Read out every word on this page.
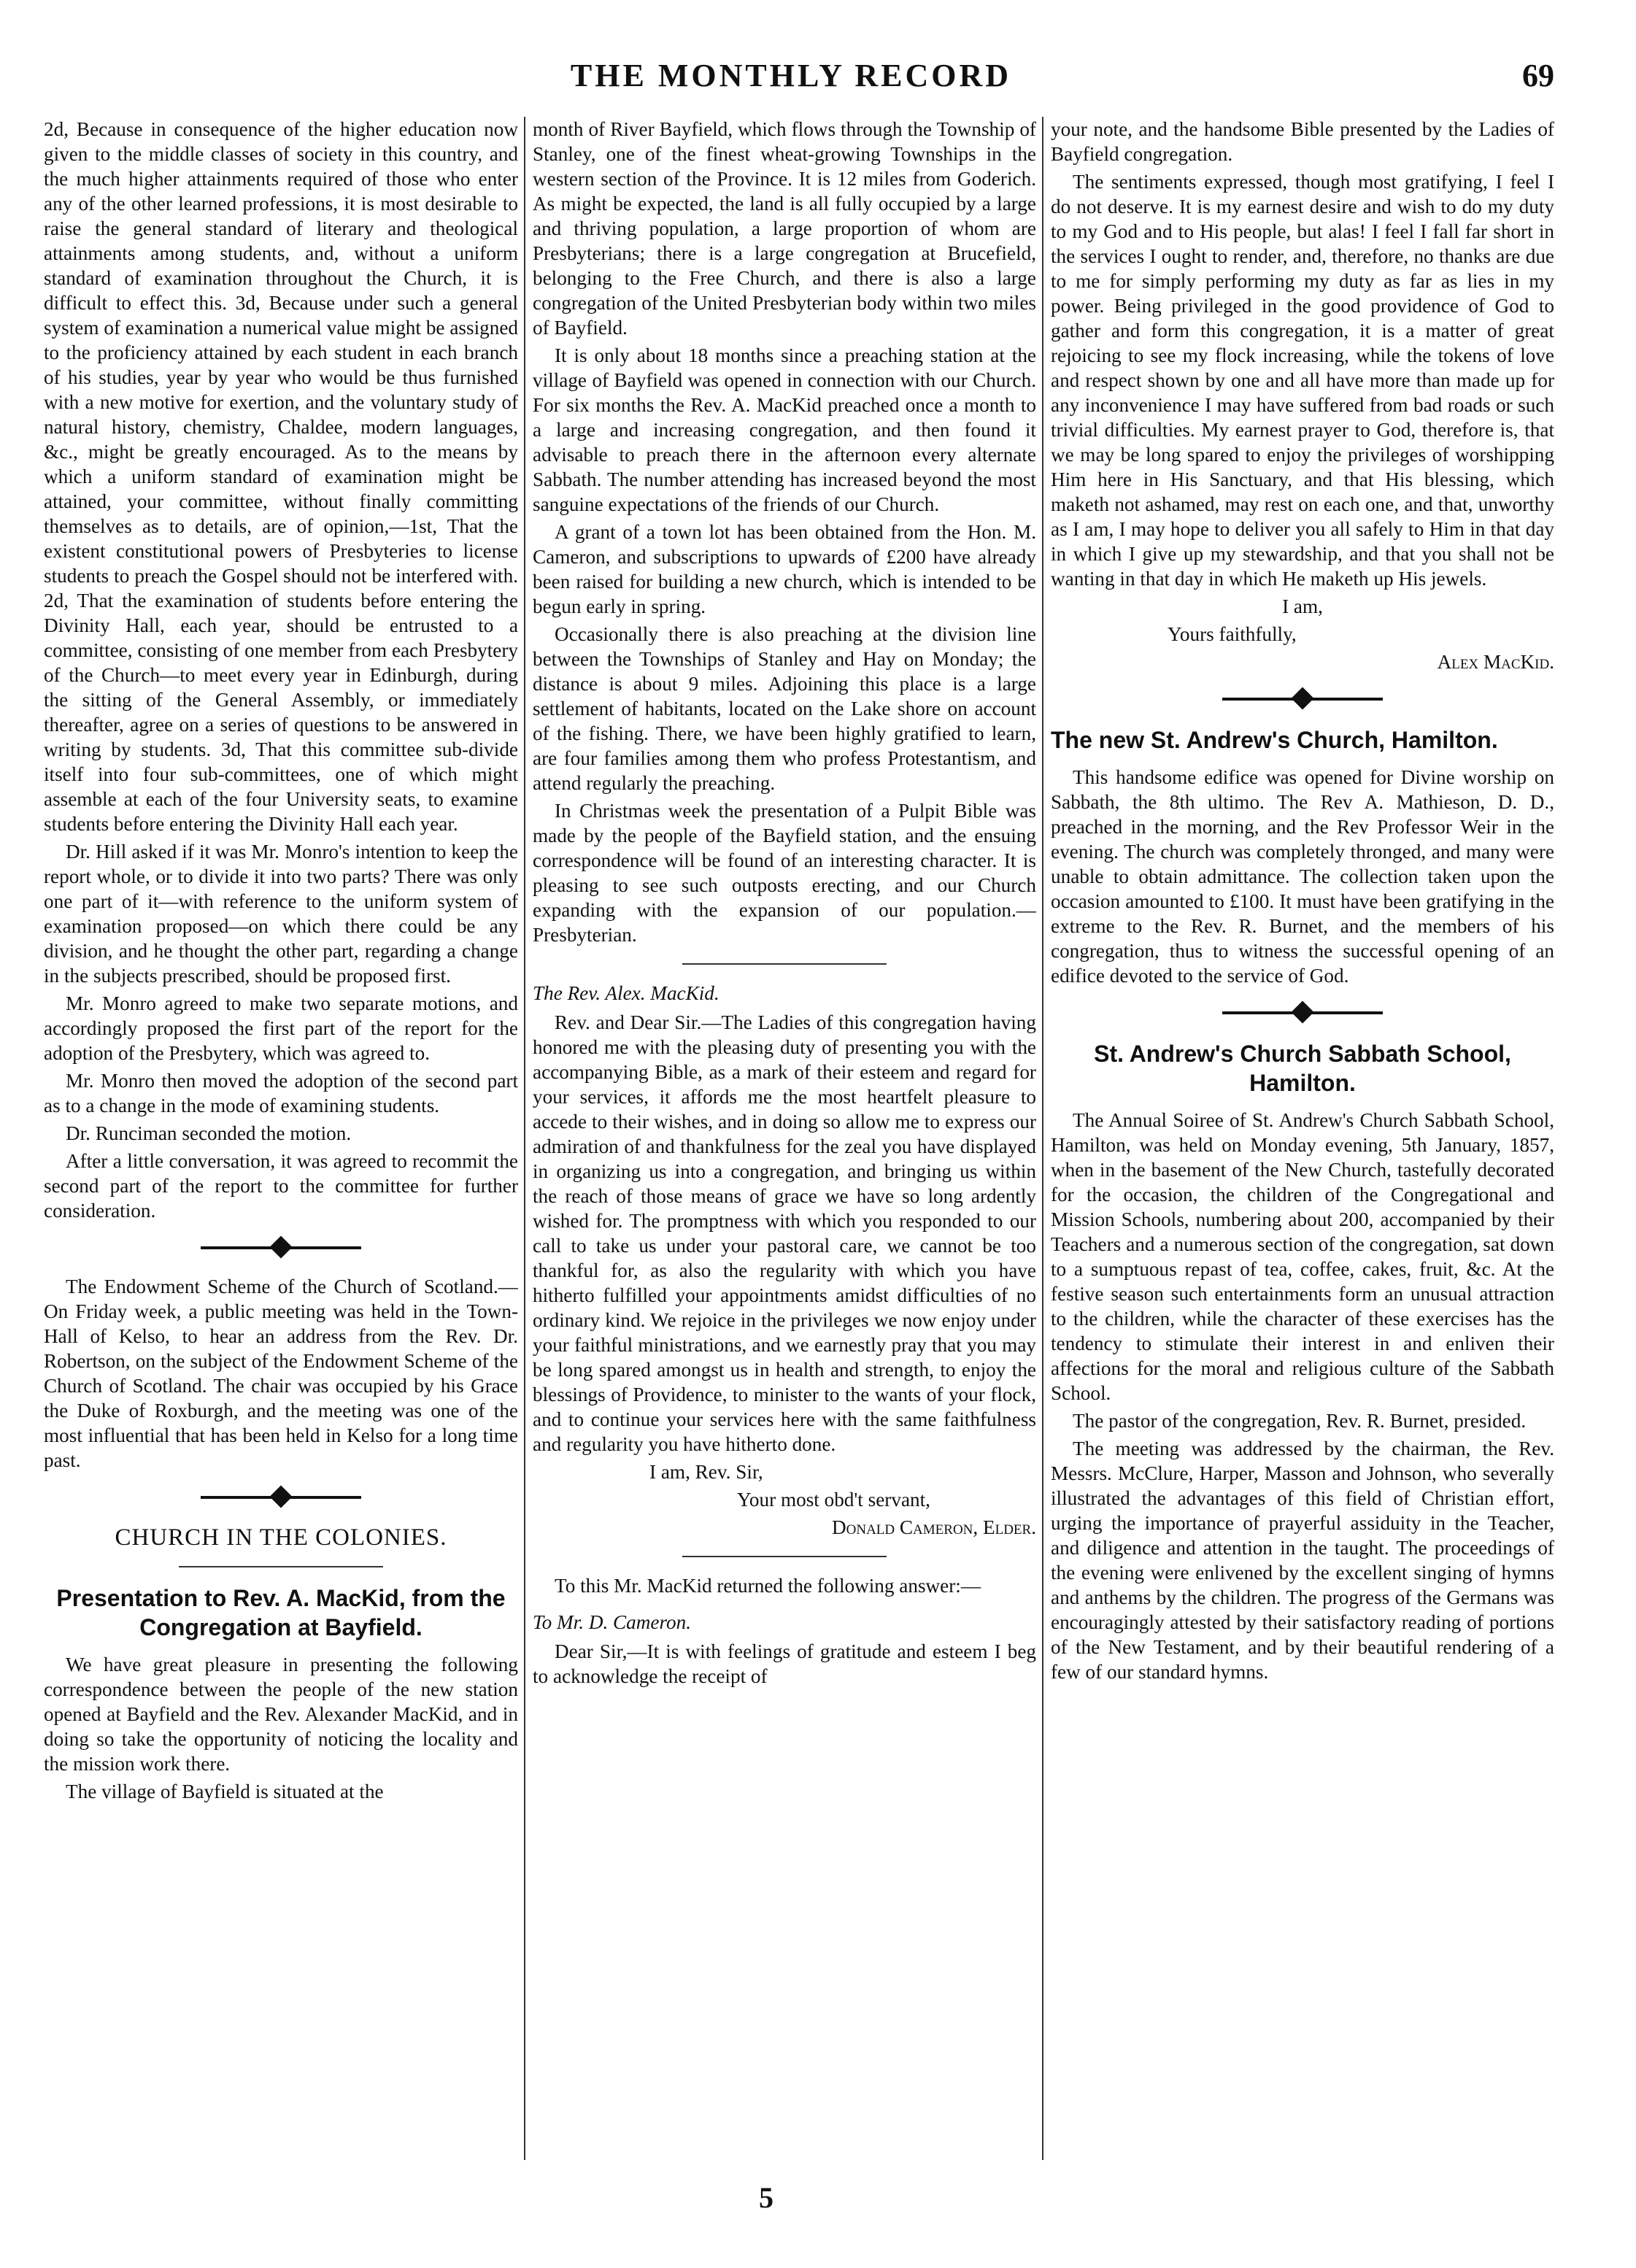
THE MONTHLY RECORD	69

2d, Because in consequence of the higher education now given to the middle classes of society in this country, and the much higher attainments required of those who enter any of the other learned professions, it is most desirable to raise the general standard of literary and theological attainments among students, and, without a uniform standard of examination throughout the Church, it is difficult to effect this. 3d, Because under such a general system of examination a numerical value might be assigned to the proficiency attained by each student in each branch of his studies, year by year who would be thus furnished with a new motive for exertion, and the voluntary study of natural history, chemistry, Chaldee, modern languages, &c., might be greatly encouraged. As to the means by which a uniform standard of examination might be attained, your committee, without finally committing themselves as to details, are of opinion,—1st, That the existent constitutional powers of Presbyteries to license students to preach the Gospel should not be interfered with. 2d, That the examination of students before entering the Divinity Hall, each year, should be entrusted to a committee, consisting of one member from each Presbytery of the Church—to meet every year in Edinburgh, during the sitting of the General Assembly, or immediately thereafter, agree on a series of questions to be answered in writing by students. 3d, That this committee sub-divide itself into four sub-committees, one of which might assemble at each of the four University seats, to examine students before entering the Divinity Hall each year.

Dr. Hill asked if it was Mr. Monro's intention to keep the report whole, or to divide it into two parts? There was only one part of it—with reference to the uniform system of examination proposed—on which there could be any division, and he thought the other part, regarding a change in the subjects prescribed, should be proposed first.

Mr. Monro agreed to make two separate motions, and accordingly proposed the first part of the report for the adoption of the Presbytery, which was agreed to.

Mr. Monro then moved the adoption of the second part as to a change in the mode of examining students.

Dr. Runciman seconded the motion.

After a little conversation, it was agreed to recommit the second part of the report to the committee for further consideration.

The Endowment Scheme of the Church of Scotland.—On Friday week, a public meeting was held in the Town-Hall of Kelso, to hear an address from the Rev. Dr. Robertson, on the subject of the Endowment Scheme of the Church of Scotland. The chair was occupied by his Grace the Duke of Roxburgh, and the meeting was one of the most influential that has been held in Kelso for a long time past.

CHURCH IN THE COLONIES.
Presentation to Rev. A. MacKid, from the Congregation at Bayfield.

We have great pleasure in presenting the following correspondence between the people of the new station opened at Bayfield and the Rev. Alexander MacKid, and in doing so take the opportunity of noticing the locality and the mission work there.

The village of Bayfield is situated at the

month of River Bayfield, which flows through the Township of Stanley, one of the finest wheat-growing Townships in the western section of the Province. It is 12 miles from Goderich. As might be expected, the land is all fully occupied by a large and thriving population, a large proportion of whom are Presbyterians; there is a large congregation at Brucefield, belonging to the Free Church, and there is also a large congregation of the United Presbyterian body within two miles of Bayfield.

It is only about 18 months since a preaching station at the village of Bayfield was opened in connection with our Church. For six months the Rev. A. MacKid preached once a month to a large and increasing congregation, and then found it advisable to preach there in the afternoon every alternate Sabbath. The number attending has increased beyond the most sanguine expectations of the friends of our Church.

A grant of a town lot has been obtained from the Hon. M. Cameron, and subscriptions to upwards of £200 have already been raised for building a new church, which is intended to be begun early in spring.

Occasionally there is also preaching at the division line between the Townships of Stanley and Hay on Monday; the distance is about 9 miles. Adjoining this place is a large settlement of habitants, located on the Lake shore on account of the fishing. There, we have been highly gratified to learn, are four families among them who profess Protestantism, and attend regularly the preaching.

In Christmas week the presentation of a Pulpit Bible was made by the people of the Bayfield station, and the ensuing correspondence will be found of an interesting character. It is pleasing to see such outposts erecting, and our Church expanding with the expansion of our population.—Presbyterian.

The Rev. Alex. MacKid.

Rev. and Dear Sir.—The Ladies of this congregation having honored me with the pleasing duty of presenting you with the accompanying Bible, as a mark of their esteem and regard for your services, it affords me the most heartfelt pleasure to accede to their wishes, and in doing so allow me to express our admiration of and thankfulness for the zeal you have displayed in organizing us into a congregation, and bringing us within the reach of those means of grace we have so long ardently wished for. The promptness with which you responded to our call to take us under your pastoral care, we cannot be too thankful for, as also the regularity with which you have hitherto fulfilled your appointments amidst difficulties of no ordinary kind. We rejoice in the privileges we now enjoy under your faithful ministrations, and we earnestly pray that you may be long spared amongst us in health and strength, to enjoy the blessings of Providence, to minister to the wants of your flock, and to continue your services here with the same faithfulness and regularity you have hitherto done.

I am, Rev. Sir,

Your most obd't servant,

Donald Cameron, Elder.

To this Mr. MacKid returned the following answer:—

To Mr. D. Cameron.

Dear Sir,—It is with feelings of gratitude and esteem I beg to acknowledge the receipt of

your note, and the handsome Bible presented by the Ladies of Bayfield congregation.

The sentiments expressed, though most gratifying, I feel I do not deserve. It is my earnest desire and wish to do my duty to my God and to His people, but alas! I feel I fall far short in the services I ought to render, and, therefore, no thanks are due to me for simply performing my duty as far as lies in my power. Being privileged in the good providence of God to gather and form this congregation, it is a matter of great rejoicing to see my flock increasing, while the tokens of love and respect shown by one and all have more than made up for any inconvenience I may have suffered from bad roads or such trivial difficulties. My earnest prayer to God, therefore is, that we may be long spared to enjoy the privileges of worshipping Him here in His Sanctuary, and that His blessing, which maketh not ashamed, may rest on each one, and that, unworthy as I am, I may hope to deliver you all safely to Him in that day in which I give up my stewardship, and that you shall not be wanting in that day in which He maketh up His jewels.

I am,

Yours faithfully,

Alex MacKid.

The new St. Andrew's Church, Hamilton.

This handsome edifice was opened for Divine worship on Sabbath, the 8th ultimo. The Rev A. Mathieson, D. D., preached in the morning, and the Rev Professor Weir in the evening. The church was completely thronged, and many were unable to obtain admittance. The collection taken upon the occasion amounted to £100. It must have been gratifying in the extreme to the Rev. R. Burnet, and the members of his congregation, thus to witness the successful opening of an edifice devoted to the service of God.

St. Andrew's Church Sabbath School, Hamilton.

The Annual Soiree of St. Andrew's Church Sabbath School, Hamilton, was held on Monday evening, 5th January, 1857, when in the basement of the New Church, tastefully decorated for the occasion, the children of the Congregational and Mission Schools, numbering about 200, accompanied by their Teachers and a numerous section of the congregation, sat down to a sumptuous repast of tea, coffee, cakes, fruit, &c. At the festive season such entertainments form an unusual attraction to the children, while the character of these exercises has the tendency to stimulate their interest in and enliven their affections for the moral and religious culture of the Sabbath School.

The pastor of the congregation, Rev. R. Burnet, presided.

The meeting was addressed by the chairman, the Rev. Messrs. McClure, Harper, Masson and Johnson, who severally illustrated the advantages of this field of Christian effort, urging the importance of prayerful assiduity in the Teacher, and diligence and attention in the taught. The proceedings of the evening were enlivened by the excellent singing of hymns and anthems by the children. The progress of the Germans was encouragingly attested by their satisfactory reading of portions of the New Testament, and by their beautiful rendering of a few of our standard hymns.

5
